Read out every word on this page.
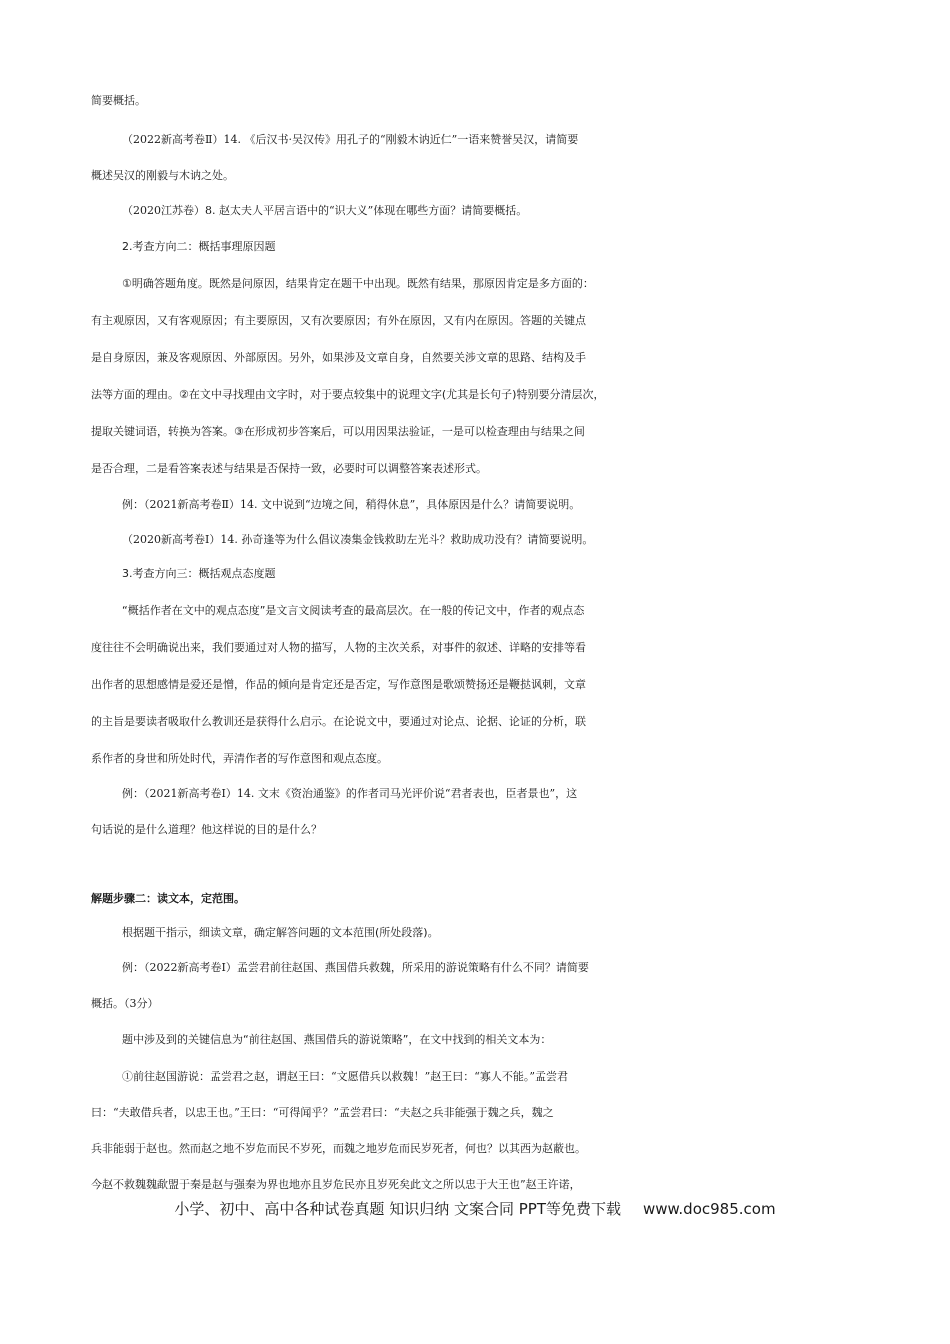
简要概括。

（2022新高考卷Ⅱ）14. 《后汉书·吴汉传》用孔子的“刚毅木讷近仁”一语来赞誉吴汉，请简要

概述吴汉的刚毅与木讷之处。

（2020江苏卷）8. 赵太夫人平居言语中的“识大义”体现在哪些方面？请简要概括。

2.考查方向二：概括事理原因题

①明确答题角度。既然是问原因，结果肯定在题干中出现。既然有结果，那原因肯定是多方面的：

有主观原因，又有客观原因；有主要原因，又有次要原因；有外在原因，又有内在原因。答题的关键点

是自身原因，兼及客观原因、外部原因。另外，如果涉及文章自身，自然要关涉文章的思路、结构及手

法等方面的理由。②在文中寻找理由文字时，对于要点较集中的说理文字(尤其是长句子)特别要分清层次，

提取关键词语，转换为答案。③在形成初步答案后，可以用因果法验证，一是可以检查理由与结果之间

是否合理，二是看答案表述与结果是否保持一致，必要时可以调整答案表述形式。

例：（2021新高考卷Ⅱ）14. 文中说到“边境之间，稍得休息”，具体原因是什么？请简要说明。

（2020新高考卷Ⅰ）14. 孙奇逢等为什么倡议凑集金钱救助左光斗？救助成功没有？请简要说明。

3.考查方向三：概括观点态度题

“概括作者在文中的观点态度”是文言文阅读考查的最高层次。在一般的传记文中，作者的观点态

度往往不会明确说出来，我们要通过对人物的描写，人物的主次关系，对事件的叙述、详略的安排等看

出作者的思想感情是爱还是憎，作品的倾向是肯定还是否定，写作意图是歌颂赞扬还是鞭挞讽刺，文章

的主旨是要读者吸取什么教训还是获得什么启示。在论说文中，要通过对论点、论据、论证的分析，联

系作者的身世和所处时代，弄清作者的写作意图和观点态度。

例：（2021新高考卷Ⅰ）14. 文末《资治通鉴》的作者司马光评价说“君者表也，臣者景也”，这

句话说的是什么道理？他这样说的目的是什么？

解题步骤二：读文本，定范围。

根据题干指示，细读文章，确定解答问题的文本范围(所处段落)。

例：（2022新高考卷Ⅰ）孟尝君前往赵国、燕国借兵救魏，所采用的游说策略有什么不同？请简要

概括。（3分）

题中涉及到的关键信息为“前往赵国、燕国借兵的游说策略”，在文中找到的相关文本为：

①前往赵国游说：孟尝君之赵，谓赵王曰：“文愿借兵以救魏！”赵王曰：“寡人不能。”孟尝君

曰：“夫敢借兵者，以忠王也。”王曰：“可得闻乎？”孟尝君曰：“夫赵之兵非能强于魏之兵，魏之

兵非能弱于赵也。然而赵之地不岁危而民不岁死，而魏之地岁危而民岁死者，何也？以其西为赵蔽也。

今赵不救魏魏歃盟于秦是赵与强秦为界也地亦且岁危民亦且岁死矣此文之所以忠于大王也”赵王许诺，

小学、初中、高中各种试卷真题 知识归纳 文案合同 PPT等免费下载 www.doc985.com
